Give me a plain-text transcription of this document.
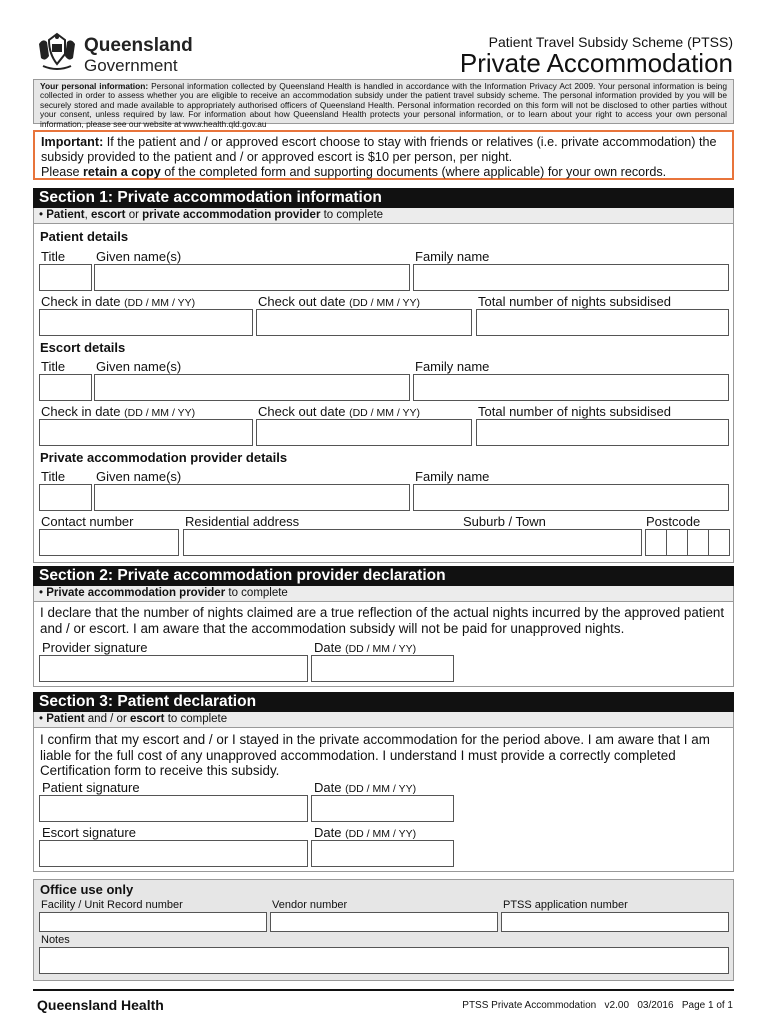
Queensland
Government
Patient Travel Subsidy Scheme (PTSS)
Private Accommodation
Your personal information: Personal information collected by Queensland Health is handled in accordance with the Information Privacy Act 2009. Your personal information is being collected in order to assess whether you are eligible to receive an accommodation subsidy under the patient travel subsidy scheme. The personal information provided by you will be securely stored and made available to appropriately authorised officers of Queensland Health. Personal information recorded on this form will not be disclosed to other parties without your consent, unless required by law. For information about how Queensland Health protects your personal information, or to learn about your right to access your own personal information, please see our website at www.health.qld.gov.au
Important: If the patient and / or approved escort choose to stay with friends or relatives (i.e. private accommodation) the subsidy provided to the patient and / or approved escort is $10 per person, per night.
Please retain a copy of the completed form and supporting documents (where applicable) for your own records.
Section 1: Private accommodation information
• Patient, escort or private accommodation provider to complete
Patient details
Title Given name(s)	Family name
Check in date (DD / MM / YY)	Check out date (DD / MM / YY)	Total number of nights subsidised
Escort details
Title Given name(s)	Family name
Check in date (DD / MM / YY)	Check out date (DD / MM / YY)	Total number of nights subsidised
Private accommodation provider details
Title Given name(s)	Family name
Contact number	Residential address	Suburb / Town	Postcode
Section 2: Private accommodation provider declaration
• Private accommodation provider to complete
I declare that the number of nights claimed are a true reflection of the actual nights incurred by the approved patient and / or escort. I am aware that the accommodation subsidy will not be paid for unapproved nights.
Provider signature	Date (DD / MM / YY)
Section 3: Patient declaration
• Patient and / or escort to complete
I confirm that my escort and / or I stayed in the private accommodation for the period above. I am aware that I am liable for the full cost of any unapproved accommodation. I understand I must provide a correctly completed Certification form to receive this subsidy.
Patient signature	Date (DD / MM / YY)
Escort signature	Date (DD / MM / YY)
Office use only
Facility / Unit Record number	Vendor number	PTSS application number
Notes
Queensland Health	PTSS Private Accommodation   v2.00   03/2016   Page 1 of 1
